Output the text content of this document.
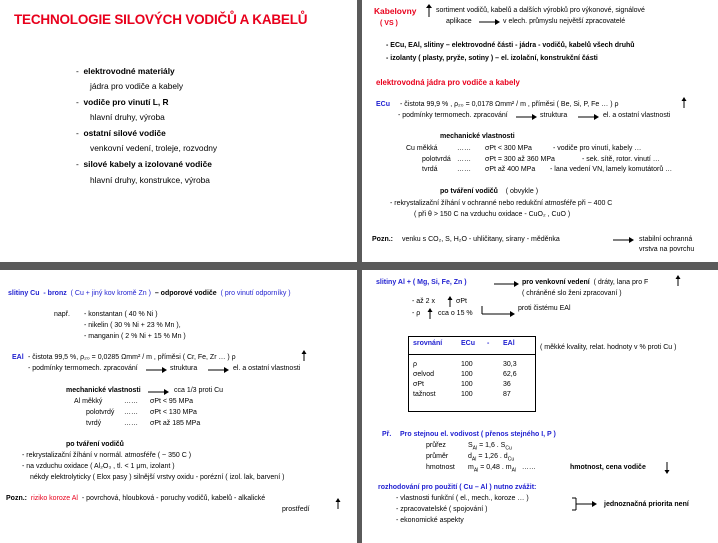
TECHNOLOGIE SILOVÝCH VODIČŮ A KABELŮ
- elektrovodné materiály
jádra pro vodiče a kabely
- vodiče pro vinutí L, R
hlavní druhy, výroba
- ostatní silové vodiče
venkovní vedení, troleje, rozvodny
- silové kabely a izolované vodiče
hlavní druhy, konstrukce, výroba
Kabelovny
( VS )
sortiment vodičů, kabelů a dalších výrobků pro výkonové, signálové
aplikace	v elech. průmyslu největší zpracovatelé
- ECu, EAl, slitiny – elektrovodné části - jádra - vodičů, kabelů všech druhů
- izolanty ( plasty, pryže, sotiny ) – el. izolační, konstrukční části
elektrovodná jádra pro vodiče a kabely
ECu - čistota 99,9 % , ρ₂₀ = 0,0178 Ωmm² / m , příměsi ( Be, Si, P, Fe … ) ρ
- podmínky termomech. zpracování	struktura	el. a ostatní vlastnosti
mechanické vlastnosti
Cu měkká	…… σPt < 300 MPa	- vodiče pro vinutí, kabely …
polotvrdá …… σPt = 300 až 360 MPa	- sek. sítě, rotor. vinutí …
tvrdá	…… σPt až 400 MPa - lana vedení VN, lamely komutátorů …
po tváření vodičů ( obvykle )
- rekrystalizační žíhání v ochranné nebo redukční atmosféře při ~ 400 C
( při θ > 150 C na vzduchu oxidace - CuO₂ , CuO )
Pozn.: venku s CO₂, S, H₂O - uhličitany, sírany - měděnka	stabilní ochranná
vrstva na povrchu
slitiny Cu - bronz ( Cu + jiný kov kromě Zn ) – odporové vodiče ( pro vinutí odporníky )
např. - konstantan ( 40 % Ni )
- nikelin ( 30 % Ni + 23 % Mn ),
- manganin ( 2 % Ni + 15 % Mn )
EAl - čistota 99,5 %, ρ₂₀ = 0,0285 Ωmm² / m , příměsi ( Cr, Fe, Zr … ) ρ
- podmínky termomech. zpracování	struktura	el. a ostatní vlastnosti
mechanické vlastnosti	cca 1/3 proti Cu
Al měkký	…… σPt < 95 MPa
polotvrdý …… σPt < 130 MPa
tvrdý	…… σPt až 185 MPa
po tváření vodičů
- rekrystalizační žíhání v normál. atmosféře ( ~ 350 C )
- na vzduchu oxidace ( Al₂O₃ , tl. < 1 μm, izolant )
nékdy elektrolyticky ( Elox pasy ) silnější vrstvy oxidu - porézní ( izol. lak, barvení )
Pozn.: riziko koroze Al - povrchová, hloubková - poruchy vodičů, kabelů - alkalické
prostředí
slitiny Al + ( Mg, Si, Fe, Zn )	pro venkovní vedení ( dráty, lana pro F
( chráněné slo ženi zpracovaní )
- až 2 x	σPt
- ρ	cca o 15 %
proti čistému EAl
srovnání	ECu - EAl
ρ	100	30,3
σelvod	100	62,6
σPt	100	36
tažnost	100	87
( měkké kvality, relat. hodnoty v % proti Cu )
Př. Pro stejnou el. vodivost ( přenos stejného I, P )
průřez	$S_{Al} = 1,6$ . $S_{Cu}$
průměr	$d_{Al} = 1,26$ . $d_{Cu}$
hmotnost $m_{Al} = 0,48$ . $m_{Al}$ ……	hmotnost, cena vodiče
rozhodování pro použití ( Cu – Al ) nutno zvážit:
- vlastnosti funkční ( el., mech., koroze … )
- zpracovatelské ( spojování )
- ekonomické aspekty
jednoznačná priorita není
